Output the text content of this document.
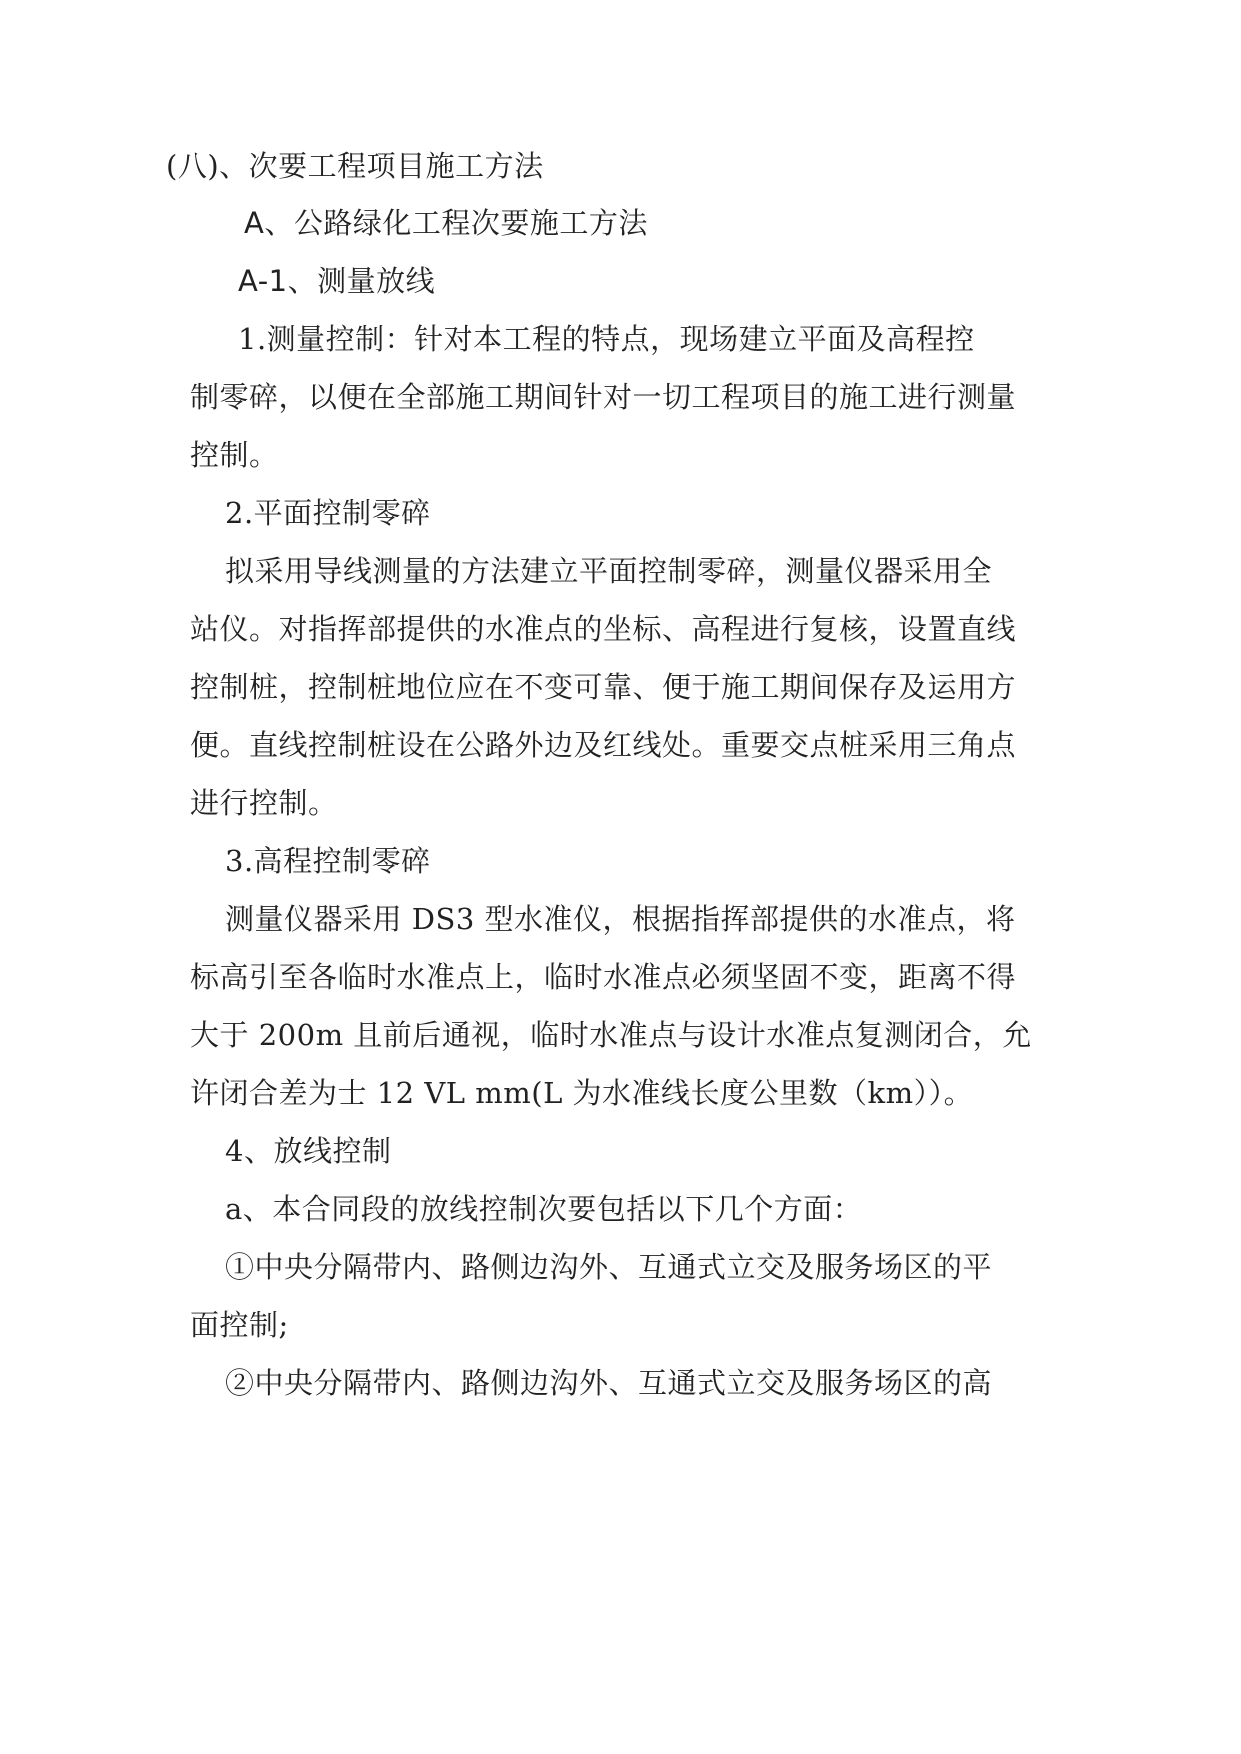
(八)、次要工程项目施工方法
A、公路绿化工程次要施工方法
A-1、测量放线
1.测量控制：针对本工程的特点，现场建立平面及高程控
制零碎，以便在全部施工期间针对一切工程项目的施工进行测量
控制。
2.平面控制零碎
拟采用导线测量的方法建立平面控制零碎，测量仪器采用全
站仪。对指挥部提供的水准点的坐标、高程进行复核，设置直线
控制桩，控制桩地位应在不变可靠、便于施工期间保存及运用方
便。直线控制桩设在公路外边及红线处。重要交点桩采用三角点
进行控制。
3.高程控制零碎
测量仪器采用 DS3 型水准仪，根据指挥部提供的水准点，将
标高引至各临时水准点上，临时水准点必须坚固不变，距离不得
大于 200m 且前后通视，临时水准点与设计水准点复测闭合，允
许闭合差为士 12 VL mm(L 为水准线长度公里数（km））。
4、放线控制
a、本合同段的放线控制次要包括以下几个方面：
①中央分隔带内、路侧边沟外、互通式立交及服务场区的平
面控制;
②中央分隔带内、路侧边沟外、互通式立交及服务场区的高
